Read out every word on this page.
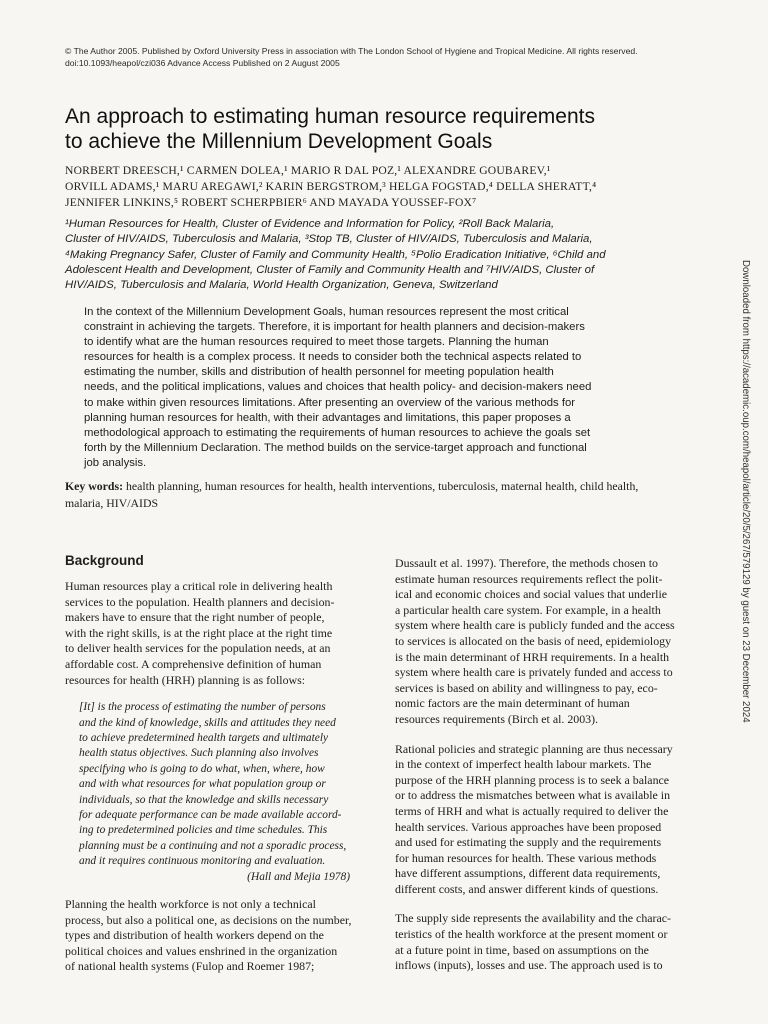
© The Author 2005. Published by Oxford University Press in association with The London School of Hygiene and Tropical Medicine. All rights reserved.
doi:10.1093/heapol/czi036 Advance Access Published on 2 August 2005
An approach to estimating human resource requirements
to achieve the Millennium Development Goals
NORBERT DREESCH,¹ CARMEN DOLEA,¹ MARIO R DAL POZ,¹ ALEXANDRE GOUBAREV,¹
ORVILL ADAMS,¹ MARU AREGAWI,² KARIN BERGSTROM,³ HELGA FOGSTAD,⁴ DELLA SHERATT,⁴
JENNIFER LINKINS,⁵ ROBERT SCHERPBIER⁶ AND MAYADA YOUSSEF-FOX⁷
¹Human Resources for Health, Cluster of Evidence and Information for Policy, ²Roll Back Malaria,
Cluster of HIV/AIDS, Tuberculosis and Malaria, ³Stop TB, Cluster of HIV/AIDS, Tuberculosis and Malaria,
⁴Making Pregnancy Safer, Cluster of Family and Community Health, ⁵Polio Eradication Initiative, ⁶Child and
Adolescent Health and Development, Cluster of Family and Community Health and ⁷HIV/AIDS, Cluster of
HIV/AIDS, Tuberculosis and Malaria, World Health Organization, Geneva, Switzerland
In the context of the Millennium Development Goals, human resources represent the most critical
constraint in achieving the targets. Therefore, it is important for health planners and decision-makers
to identify what are the human resources required to meet those targets. Planning the human
resources for health is a complex process. It needs to consider both the technical aspects related to
estimating the number, skills and distribution of health personnel for meeting population health
needs, and the political implications, values and choices that health policy- and decision-makers need
to make within given resources limitations. After presenting an overview of the various methods for
planning human resources for health, with their advantages and limitations, this paper proposes a
methodological approach to estimating the requirements of human resources to achieve the goals set
forth by the Millennium Declaration. The method builds on the service-target approach and functional
job analysis.
Key words: health planning, human resources for health, health interventions, tuberculosis, maternal health, child health,
malaria, HIV/AIDS	Downloaded from https://academic.oup.com/heapol/article/20/5/267/579129 by guest on 23 December 2024
Background
Human resources play a critical role in delivering health
services to the population. Health planners and decision-
makers have to ensure that the right number of people,
with the right skills, is at the right place at the right time
to deliver health services for the population needs, at an
affordable cost. A comprehensive definition of human
resources for health (HRH) planning is as follows:
[It] is the process of estimating the number of persons
and the kind of knowledge, skills and attitudes they need
to achieve predetermined health targets and ultimately
health status objectives. Such planning also involves
specifying who is going to do what, when, where, how
and with what resources for what population group or
individuals, so that the knowledge and skills necessary
for adequate performance can be made available accord-
ing to predetermined policies and time schedules. This
planning must be a continuing and not a sporadic process,
and it requires continuous monitoring and evaluation.
(Hall and Mejia 1978)
Planning the health workforce is not only a technical
process, but also a political one, as decisions on the number,
types and distribution of health workers depend on the
political choices and values enshrined in the organization
of national health systems (Fulop and Roemer 1987;
Dussault et al. 1997). Therefore, the methods chosen to
estimate human resources requirements reflect the polit-
ical and economic choices and social values that underlie
a particular health care system. For example, in a health
system where health care is publicly funded and the access
to services is allocated on the basis of need, epidemiology
is the main determinant of HRH requirements. In a health
system where health care is privately funded and access to
services is based on ability and willingness to pay, eco-
nomic factors are the main determinant of human
resources requirements (Birch et al. 2003).
Rational policies and strategic planning are thus necessary
in the context of imperfect health labour markets. The
purpose of the HRH planning process is to seek a balance
or to address the mismatches between what is available in
terms of HRH and what is actually required to deliver the
health services. Various approaches have been proposed
and used for estimating the supply and the requirements
for human resources for health. These various methods
have different assumptions, different data requirements,
different costs, and answer different kinds of questions.
The supply side represents the availability and the charac-
teristics of the health workforce at the present moment or
at a future point in time, based on assumptions on the
inflows (inputs), losses and use. The approach used is to
